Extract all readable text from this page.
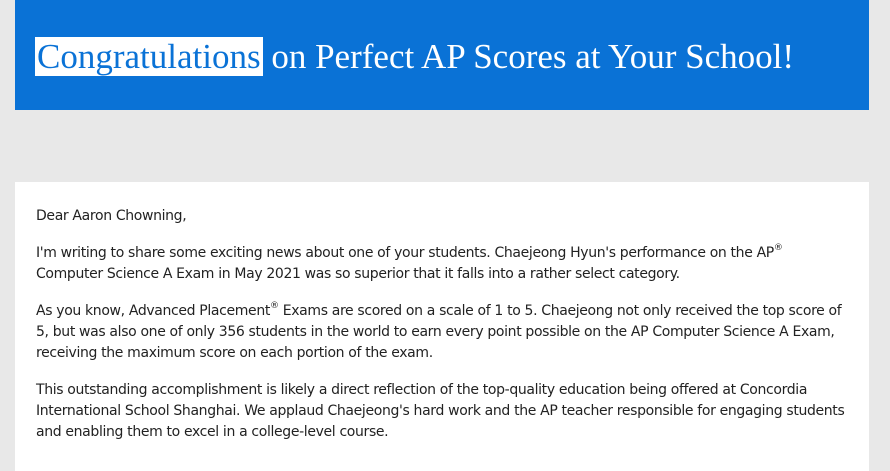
Congratulations on Perfect AP Scores at Your School!

Dear Aaron Chowning,

I'm writing to share some exciting news about one of your students. Chaejeong Hyun's performance on the AP® Computer Science A Exam in May 2021 was so superior that it falls into a rather select category.

As you know, Advanced Placement® Exams are scored on a scale of 1 to 5. Chaejeong not only received the top score of 5, but was also one of only 356 students in the world to earn every point possible on the AP Computer Science A Exam, receiving the maximum score on each portion of the exam.

This outstanding accomplishment is likely a direct reflection of the top-quality education being offered at Concordia International School Shanghai. We applaud Chaejeong's hard work and the AP teacher responsible for engaging students and enabling them to excel in a college-level course.
